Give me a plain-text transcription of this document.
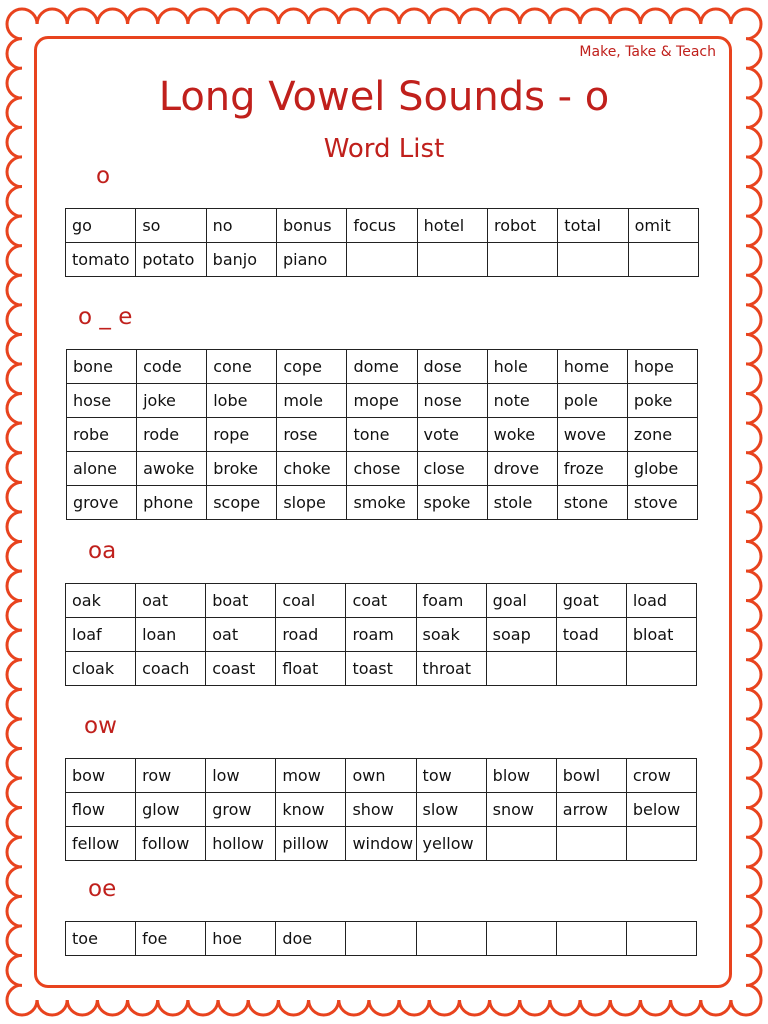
Make, Take & Teach
Long Vowel Sounds - o
Word List
o
go	so	no	bonus	focus	hotel	robot	total	omit
tomato	potato	banjo	piano					
o _ e
bone	code	cone	cope	dome	dose	hole	home	hope
hose	joke	lobe	mole	mope	nose	note	pole	poke
robe	rode	rope	rose	tone	vote	woke	wove	zone
alone	awoke	broke	choke	chose	close	drove	froze	globe
grove	phone	scope	slope	smoke	spoke	stole	stone	stove
oa
oak	oat	boat	coal	coat	foam	goal	goat	load
loaf	loan	oat	road	roam	soak	soap	toad	bloat
cloak	coach	coast	float	toast	throat			
ow
bow	row	low	mow	own	tow	blow	bowl	crow
flow	glow	grow	know	show	slow	snow	arrow	below
fellow	follow	hollow	pillow	window	yellow			
oe
toe	foe	hoe	doe					
